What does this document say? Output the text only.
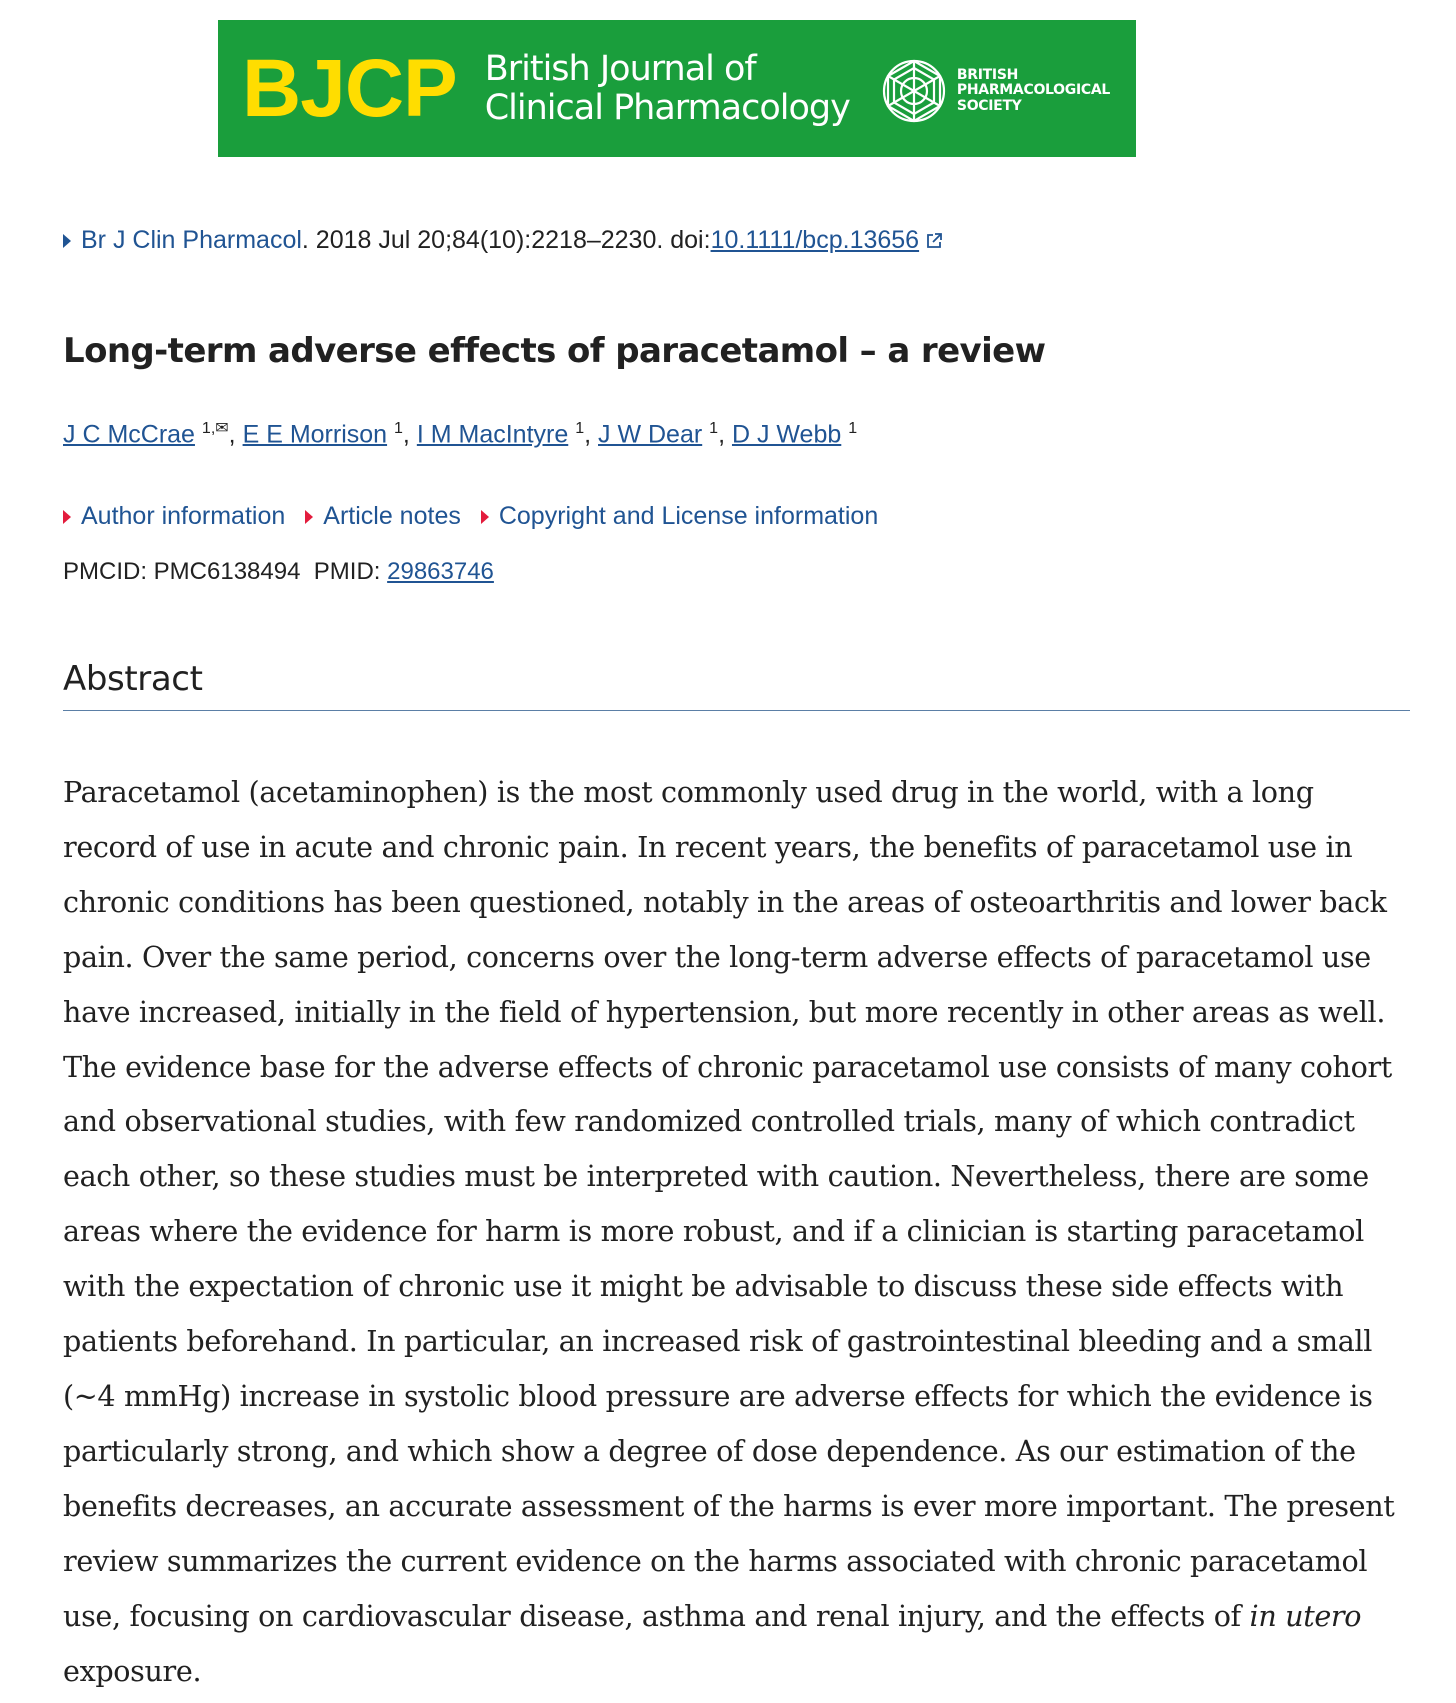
BJCP British Journal of
Clinical Pharmacology
BRITISH
PHARMACOLOGICAL
SOCIETY
Br J Clin Pharmacol . 2018 Jul 20;84(10):2218–2230. doi: 10.1111/bcp.13656
Long-term adverse effects of paracetamol – a review
J C McCrae $^{1,✉}$, E E Morrison $^1$, I M MacIntyre $^1$, J W Dear $^1$, D J Webb $^1$
Author information Article notes Copyright and License information
PMCID: PMC6138494 PMID: 29863746
Abstract

Paracetamol (acetaminophen) is the most commonly used drug in the world, with a long record of use in acute and chronic pain. In recent years, the benefits of paracetamol use in chronic conditions has been questioned, notably in the areas of osteoarthritis and lower back pain. Over the same period, concerns over the long-term adverse effects of paracetamol use have increased, initially in the field of hypertension, but more recently in other areas as well. The evidence base for the adverse effects of chronic paracetamol use consists of many cohort and observational studies, with few randomized controlled trials, many of which contradict each other, so these studies must be interpreted with caution. Nevertheless, there are some areas where the evidence for harm is more robust, and if a clinician is starting paracetamol with the expectation of chronic use it might be advisable to discuss these side effects with patients beforehand. In particular, an increased risk of gastrointestinal bleeding and a small (~4 mmHg) increase in systolic blood pressure are adverse effects for which the evidence is particularly strong, and which show a degree of dose dependence. As our estimation of the benefits decreases, an accurate assessment of the harms is ever more important. The present review summarizes the current evidence on the harms associated with chronic paracetamol use, focusing on cardiovascular disease, asthma and renal injury, and the effects of in utero exposure.
